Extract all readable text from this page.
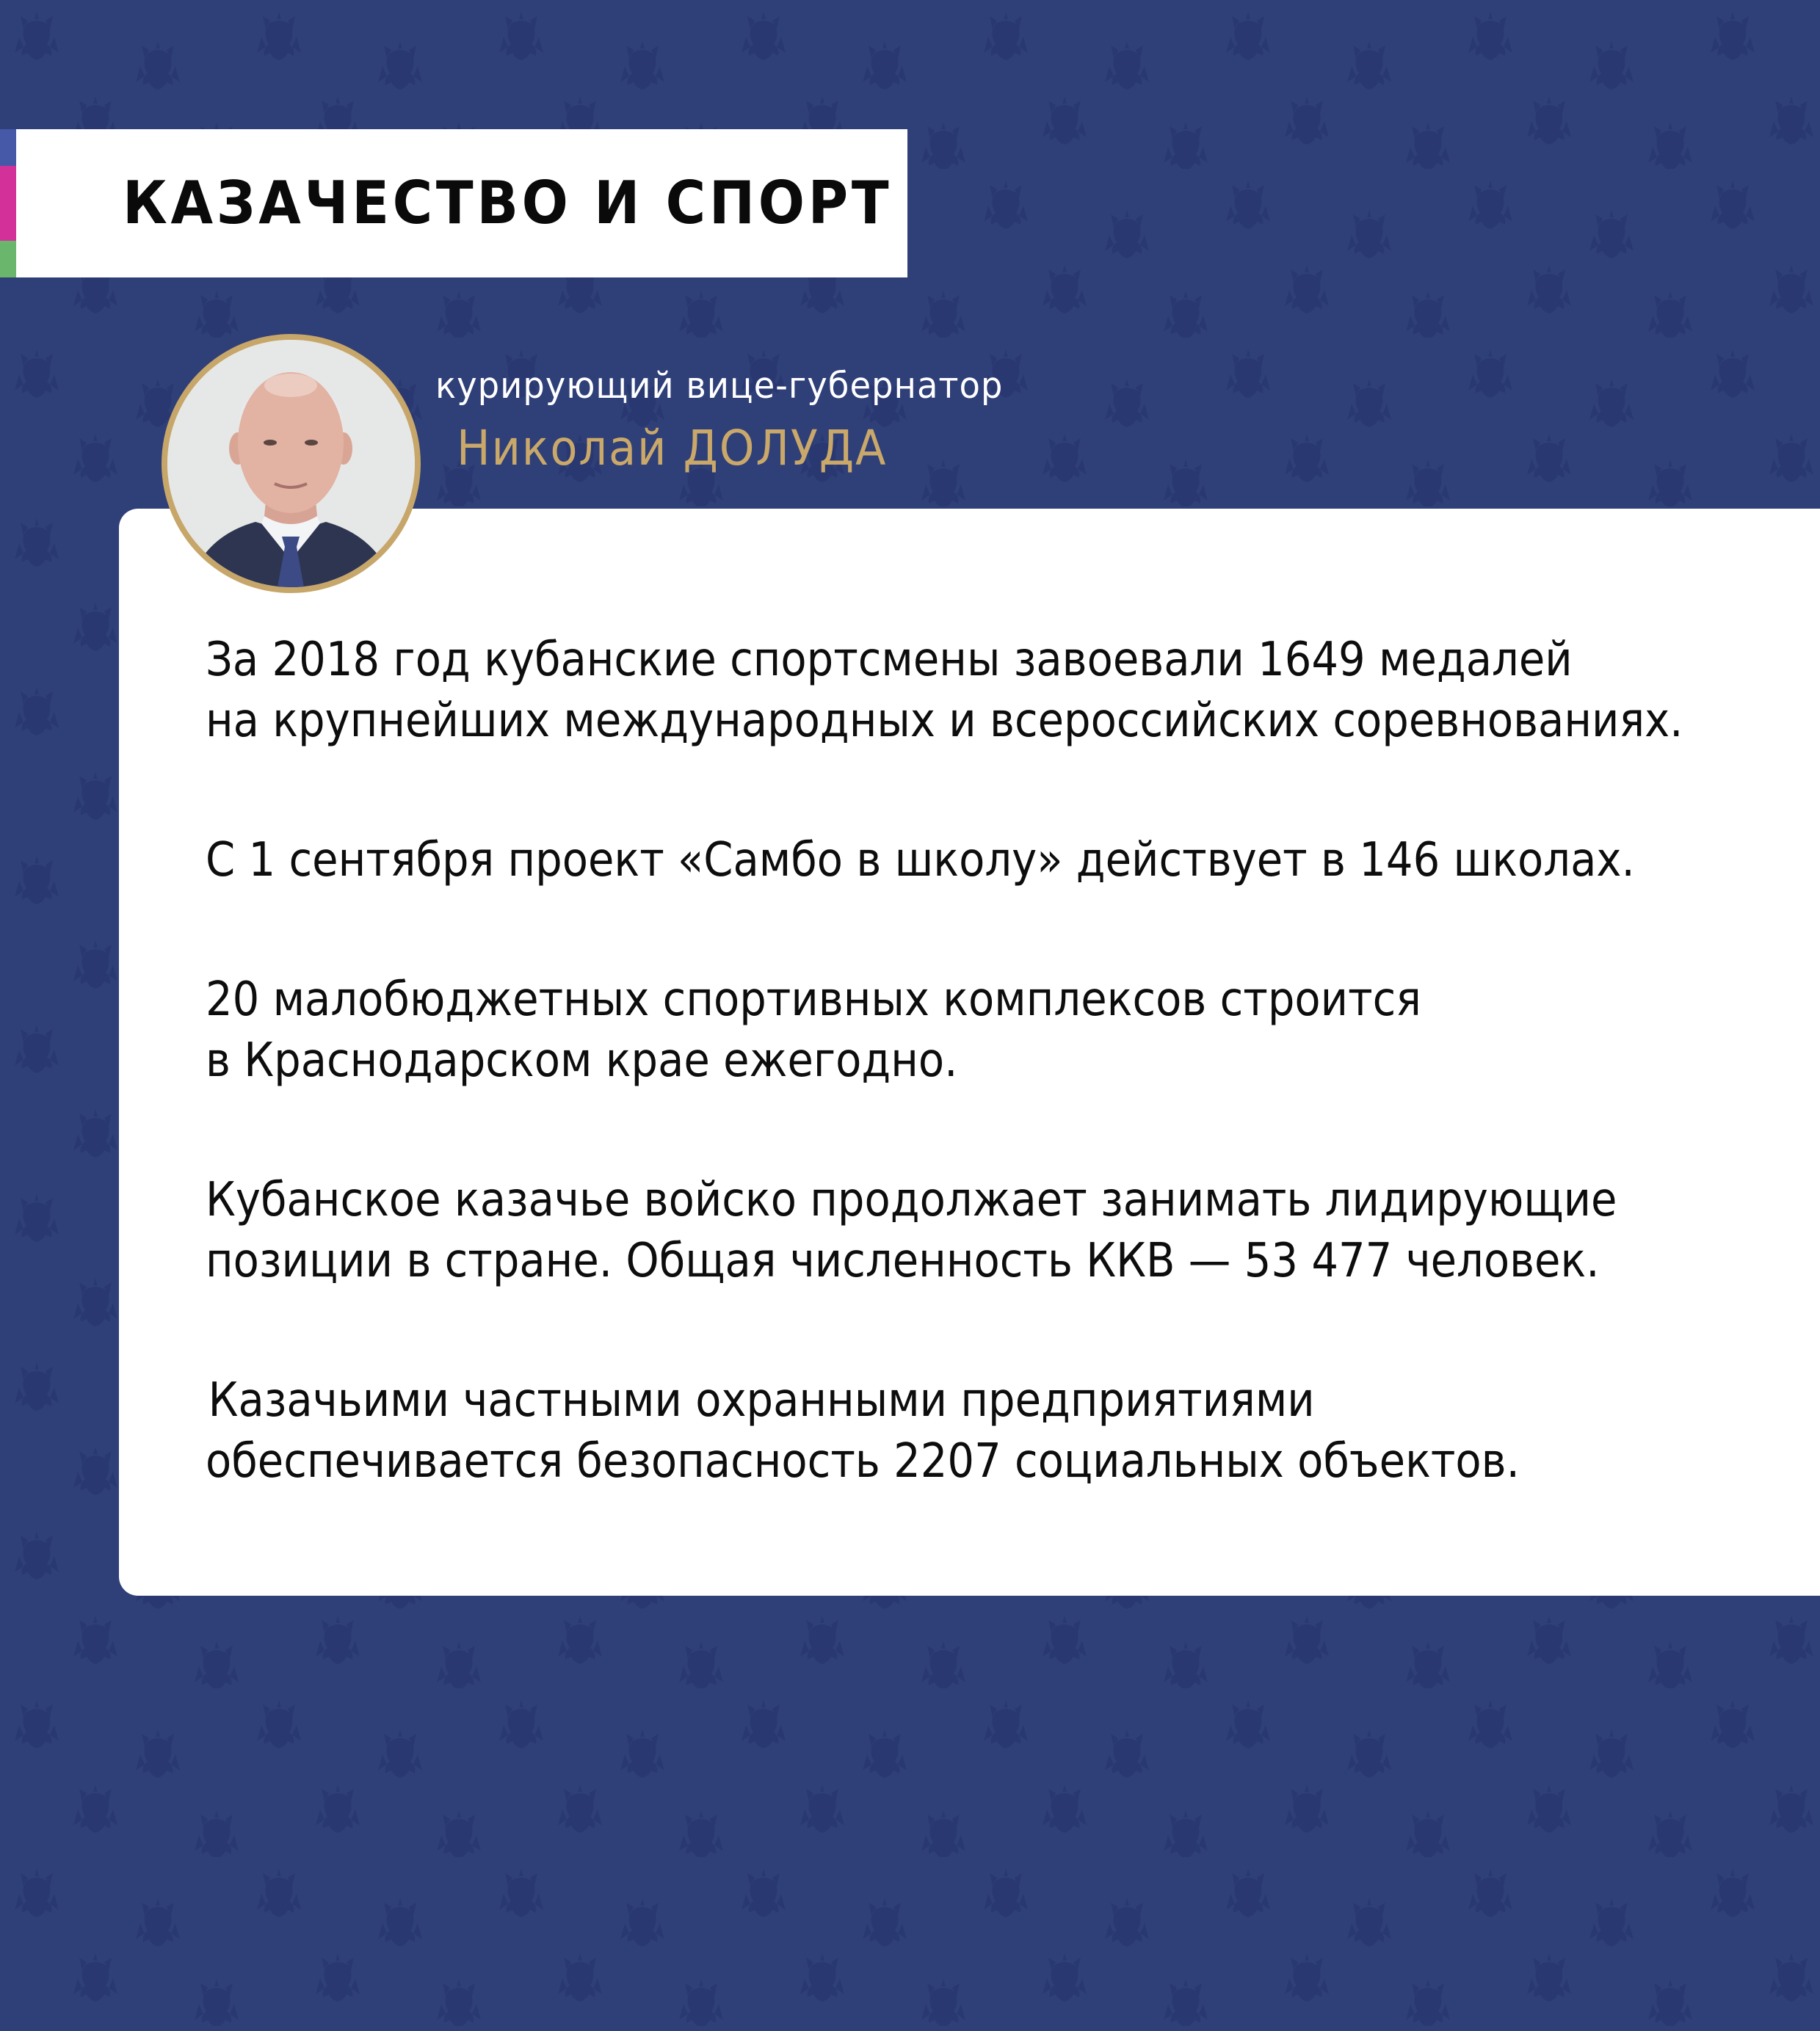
КАЗАЧЕСТВО И СПОРТ
курирующий вице-губернатор
Николай ДОЛУДА

За 2018 год кубанские спортсмены завоевали 1649 медалей
на крупнейших международных и всероссийских соревнованиях.

С 1 сентября проект «Самбо в школу» действует в 146 школах.

20 малобюджетных спортивных комплексов строится
в Краснодарском крае ежегодно.

Кубанское казачье войско продолжает занимать лидирующие
позиции в стране. Общая численность ККВ — 53 477 человек.

Казачьими частными охранными предприятиями
обеспечивается безопасность 2207 социальных объектов.
